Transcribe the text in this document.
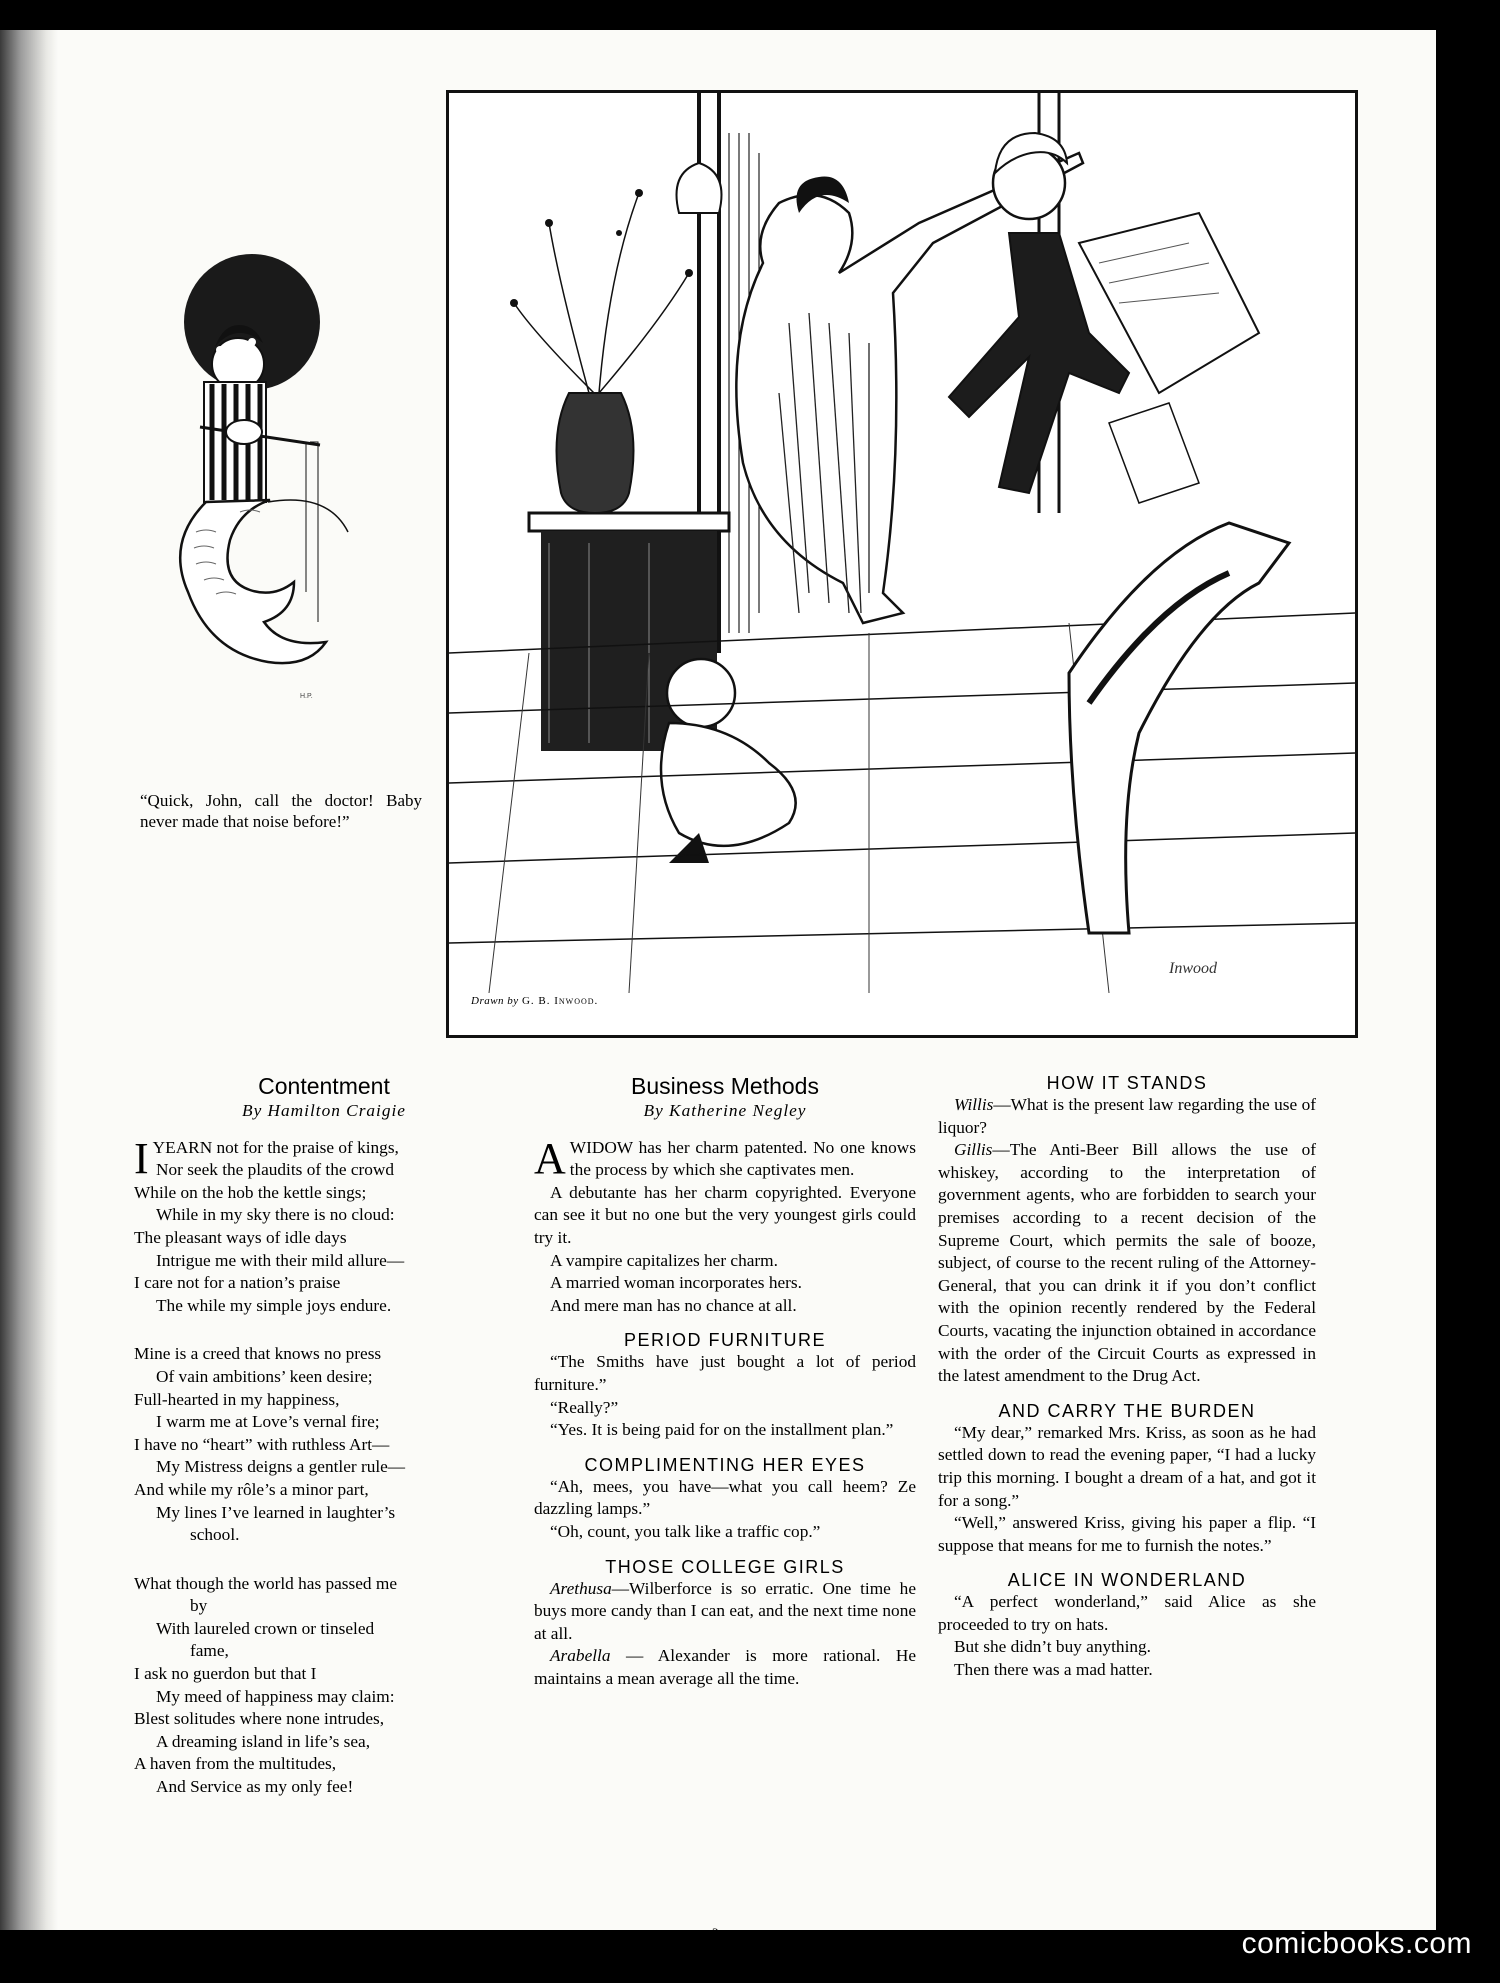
H.P.
“Quick, John, call the doctor! Baby never made that noise before!”
Inwood
Drawn by G. B. Inwood.
Contentment
By Hamilton Craigie

IYEARN not for the praise of kings,

Nor seek the plaudits of the crowd

While on the hob the kettle sings;

While in my sky there is no cloud:

The pleasant ways of idle days

Intrigue me with their mild allure—

I care not for a nation’s praise

The while my simple joys endure.

Mine is a creed that knows no press

Of vain ambitions’ keen desire;

Full-hearted in my happiness,

I warm me at Love’s vernal fire;

I have no “heart” with ruthless Art—

My Mistress deigns a gentler rule—

And while my rôle’s a minor part,

My lines I’ve learned in laughter’s

school.

What though the world has passed me

by

With laureled crown or tinseled

fame,

I ask no guerdon but that I

My meed of happiness may claim:

Blest solitudes where none intrudes,

A dreaming island in life’s sea,

A haven from the multitudes,

And Service as my only fee!

Business Methods
By Katherine Negley

AWIDOW has her charm patented. No one knows the process by which she captivates men.

A debutante has her charm copyrighted. Everyone can see it but no one but the very youngest girls could try it.

A vampire capitalizes her charm.

A married woman incorporates hers.

And mere man has no chance at all.

PERIOD FURNITURE

“The Smiths have just bought a lot of period furniture.”

“Really?”

“Yes. It is being paid for on the installment plan.”

COMPLIMENTING HER EYES

“Ah, mees, you have—what you call heem? Ze dazzling lamps.”

“Oh, count, you talk like a traffic cop.”

THOSE COLLEGE GIRLS

Arethusa—Wilberforce is so erratic. One time he buys more candy than I can eat, and the next time none at all.

Arabella — Alexander is more rational. He maintains a mean average all the time.

HOW IT STANDS

Willis—What is the present law regarding the use of liquor?

Gillis—The Anti-Beer Bill allows the use of whiskey, according to the interpretation of government agents, who are forbidden to search your premises according to a recent decision of the Supreme Court, which permits the sale of booze, subject, of course to the recent ruling of the Attorney-General, that you can drink it if you don’t conflict with the opinion recently rendered by the Federal Courts, vacating the injunction obtained in accordance with the order of the Circuit Courts as expressed in the latest amendment to the Drug Act.

AND CARRY THE BURDEN

“My dear,” remarked Mrs. Kriss, as soon as he had settled down to read the evening paper, “I had a lucky trip this morning. I bought a dream of a hat, and got it for a song.”

“Well,” answered Kriss, giving his paper a flip. “I suppose that means for me to furnish the notes.”

ALICE IN WONDERLAND

“A perfect wonderland,” said Alice as she proceeded to try on hats.

But she didn’t buy anything.

Then there was a mad hatter.

3	comicbooks.com
